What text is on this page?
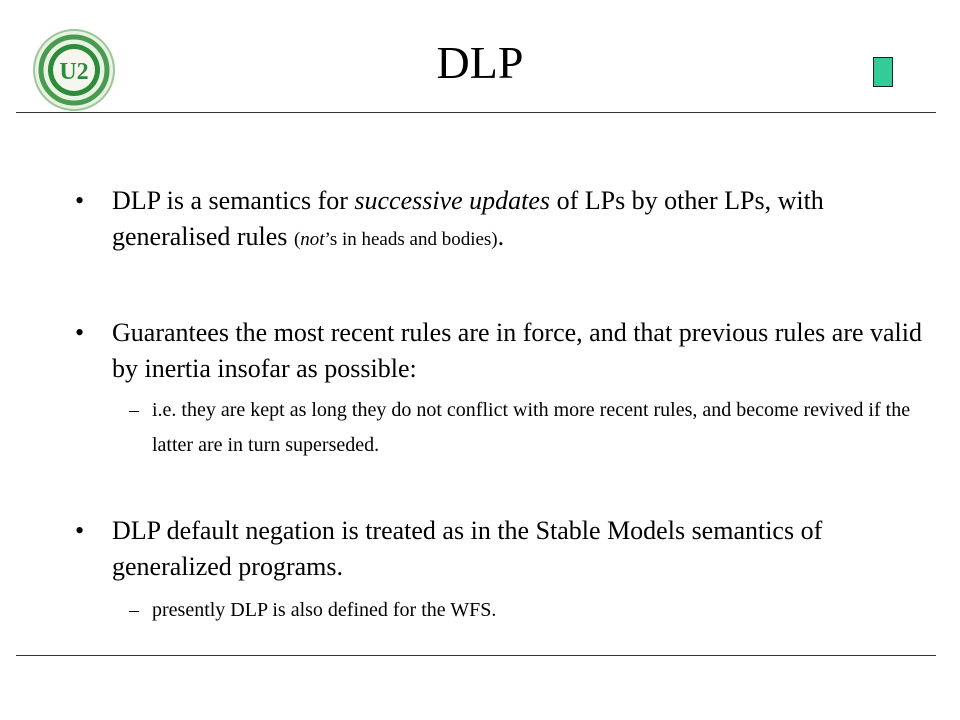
U2	DLP
• DLP is a semantics for successive updates of LPs by other LPs, with generalised rules (not’s in heads and bodies).
• Guarantees the most recent rules are in force, and that previous rules are valid by inertia insofar as possible:
– i.e. they are kept as long they do not conflict with more recent rules, and become revived if the latter are in turn superseded.
• DLP default negation is treated as in the Stable Models semantics of generalized programs.
– presently DLP is also defined for the WFS.
